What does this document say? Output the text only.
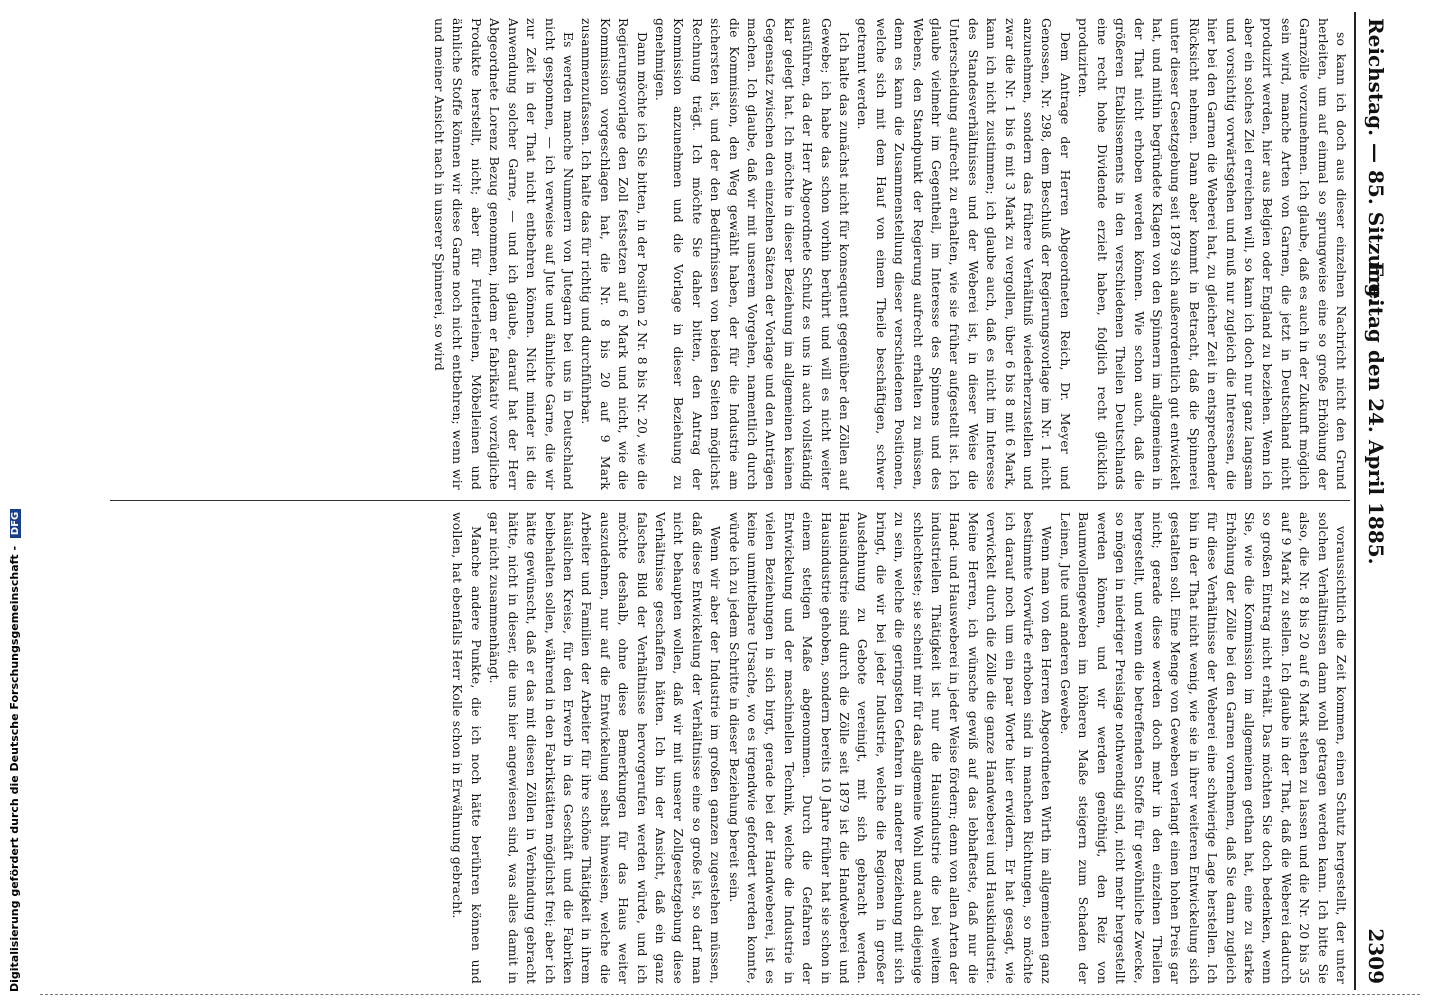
Reichstag. — 85. Sitzung.
Freitag den 24. April 1885.
2309

so kann ich doch aus dieser einzelnen Nachricht nicht den Grund herleiten, um auf einmal so sprungweise eine so große Erhöhung der Garnzölle vorzunehmen. Ich glaube, daß es auch in der Zukunft möglich sein wird, manche Arten von Garnen, die jetzt in Deutschland nicht produzirt werden, hier aus Belgien oder England zu beziehen. Wenn ich aber ein solches Ziel erreichen will, so kann ich doch nur ganz langsam und vorsichtig vorwärtsgehen und muß nur zugleich die Interessen, die hier bei den Garnen die Weberei hat, zu gleicher Zeit in entsprechender Rücksicht nehmen. Dann aber kommt in Betracht, daß die Spinnerei unter dieser Gesetzgebung seit 1879 sich außerordentlich gut entwickelt hat, und mithin begründete Klagen von den Spinnern im allgemeinen in der That nicht erhoben werden können. Wie schon auch, daß die größeren Etablissements in den verschiedenen Theilen Deutschlands eine recht hohe Dividende erzielt haben, folglich recht glücklich produzirten.

Dem Antrage der Herren Abgeordneten Reich, Dr. Meyer und Genossen, Nr. 298, dem Beschluß der Regierungsvorlage im Nr. 1 nicht anzunehmen, sondern das frühere Verhältniß wiederherzustellen und zwar die Nr. 1 bis 6 mit 3 Mark zu vergollen, über 6 bis 8 mit 6 Mark, kann ich nicht zustimmen; ich glaube auch, daß es nicht im Interesse des Standesverhältnisses und der Weberei ist, in dieser Weise die Unterscheidung aufrecht zu erhalten, wie sie früher aufgestellt ist. Ich glaube vielmehr im Gegentheil, im Interesse des Spinnens und des Webens, den Standpunkt der Regierung aufrecht erhalten zu müssen, denn es kann die Zusammenstellung dieser verschiedenen Positionen, welche sich mit dem Hauf von einem Theile beschäftigen, schwer getrennt werden.

Ich halte das zunächst nicht für konsequent gegenüber den Zöllen auf Gewebe; ich habe das schon vorhin berührt und will es nicht weiter ausführen, da der Herr Abgeordnete Schulz es uns in auch vollständig klar gelegt hat. Ich möchte in dieser Beziehung im allgemeinen keinen Gegensatz zwischen den einzelnen Sätzen der Vorlage und den Anträgen machen. Ich glaube, daß wir mit unserem Vorgehen, namentlich durch die Kommission, den Weg gewählt haben, der für die Industrie am sichersten ist, und der den Bedürfnissen von beiden Seiten möglichst Rechnung trägt. Ich möchte Sie daher bitten, den Antrag der Kommission anzunehmen und die Vorlage in dieser Beziehung zu genehmigen.

Dann möchte ich Sie bitten, in der Position 2 Nr. 8 bis Nr. 20, wie die Regierungsvorlage den Zoll festsetzen auf 6 Mark und nicht, wie die Kommission vorgeschlagen hat, die Nr. 8 bis 20 auf 9 Mark zusammenzufassen. Ich halte das für richtig und durchführbar.

Es werden manche Nummern von Jutegarn bei uns in Deutschland nicht gesponnen, — ich verweise auf Jute und ähnliche Garne, die wir zur Zeit in der That nicht entbehren können. Nicht minder ist die Anwendung solcher Garne, — und ich glaube, darauf hat der Herr Abgeordnete Lorenz Bezug genommen, indem er fabrikativ vorzügliche Produkte herstellt, nicht; aber für Futterleinen, Möbelleinen und ähnliche Stoffe können wir diese Garne noch nicht entbehren; wenn wir und meiner Ansicht nach in unserer Spinnerei, so wird

voraussichtlich die Zeit kommen, einen Schutz hergestellt, der unter solchen Verhältnissen dann wohl getragen werden kann. Ich bitte Sie also, die Nr. 8 bis 20 auf 6 Mark stehen zu lassen und die Nr. 20 bis 35 auf 9 Mark zu stellen. Ich glaube in der That, daß die Weberei dadurch so großen Eintrag nicht erhält. Das möchten Sie doch bedenken, wenn Sie, wie die Kommission im allgemeinen gethan hat, eine zu starke Erhöhung der Zölle bei den Garnen vornehmen, daß Sie dann zugleich für diese Verhältnisse der Weberei eine schwierige Lage herstellen. Ich bin in der That nicht wenig, wie sie in ihrer weiteren Entwickelung sich gestalten soll. Eine Menge von Geweben verlangt einen hohen Preis gar nicht; gerade diese werden doch mehr in den einzelnen Theilen hergestellt, und wenn die betreffenden Stoffe für gewöhnliche Zwecke, so mögen in niedriger Preislage nothwendig sind, nicht mehr hergestellt werden können, und wir werden genöthigt, den Reiz von Baumwollengeweben im höheren Maße steigern zum Schaden der Leinen, Jute und anderen Gewebe.

Wenn man von den Herren Abgeordneten Wirth im allgemeinen ganz bestimmte Vorwürfe erhoben sind in manchen Richtungen, so möchte ich darauf noch um ein paar Worte hier erwidern. Er hat gesagt, wie verwickelt durch die Zölle die ganze Handweberei und Hauskindustrie. Meine Herren, ich wünsche gewiß auf das lebhafteste, daß nur die Hand- und Hausweberei in jeder Weise fördern; denn von allen Arten der industriellen Thätigkeit ist nur die Hausindustrie die bei weitem schlechteste; sie scheint mir für das allgemeine Wohl und auch diejenige zu sein, welche die geringsten Gefahren in anderer Beziehung mit sich bringt, die wir bei jeder Industrie, welche die Regionen in großer Ausdehnung zu Gebote vereinigt, mit sich gebracht werden. Hausindustrie sind durch die Zölle seit 1879 ist die Handweberei und Hausindustrie gehoben, sondern bereits 10 Jahre früher hat sie schon in einem stetigen Maße abgenommen. Durch die Gefahren der Entwickelung und der maschinellen Technik, welche die Industrie in vielen Beziehungen in sich birgt, gerade bei der Handweberei, ist es keine unmittelbare Ursache, wo es irgendwie gefordert werden konnte, würde ich zu jedem Schritte in dieser Beziehung bereit sein.

Wenn wir aber der Industrie im großen ganzen zugestehen müssen, daß diese Entwickelung der Verhältnisse eine so große ist, so darf man nicht behaupten wollen, daß wir mit unserer Zollgesetzgebung diese Verhältnisse geschaffen hätten. Ich bin der Ansicht, daß ein ganz falsches Bild der Verhältnisse hervorgerufen werden würde, und ich möchte deshalb, ohne diese Bemerkungen für das Haus weiter auszudehnen, nur auf die Entwickelung selbst hinweisen, welche die Arbeiter und Familien der Arbeiter für ihre schöne Thätigkeit in ihrem häuslichen Kreise, für den Erwerb in das Geschäft und die Fabriken beibehalten sollen, während in den Fabrikstätten möglichst frei; aber ich hätte gewünscht, daß er das mit diesen Zöllen in Verbindung gebracht hätte, nicht in dieser, die uns hier angewiesen sind, was alles damit in gar nicht zusammenhängt.

Manche andere Punkte, die ich noch hätte berühren können und wollen, hat ebenfalls Herr Kolle schon in Erwähnung gebracht.

Digitalisierung gefördert durch die Deutsche Forschungsgemeinschaft - DFG
